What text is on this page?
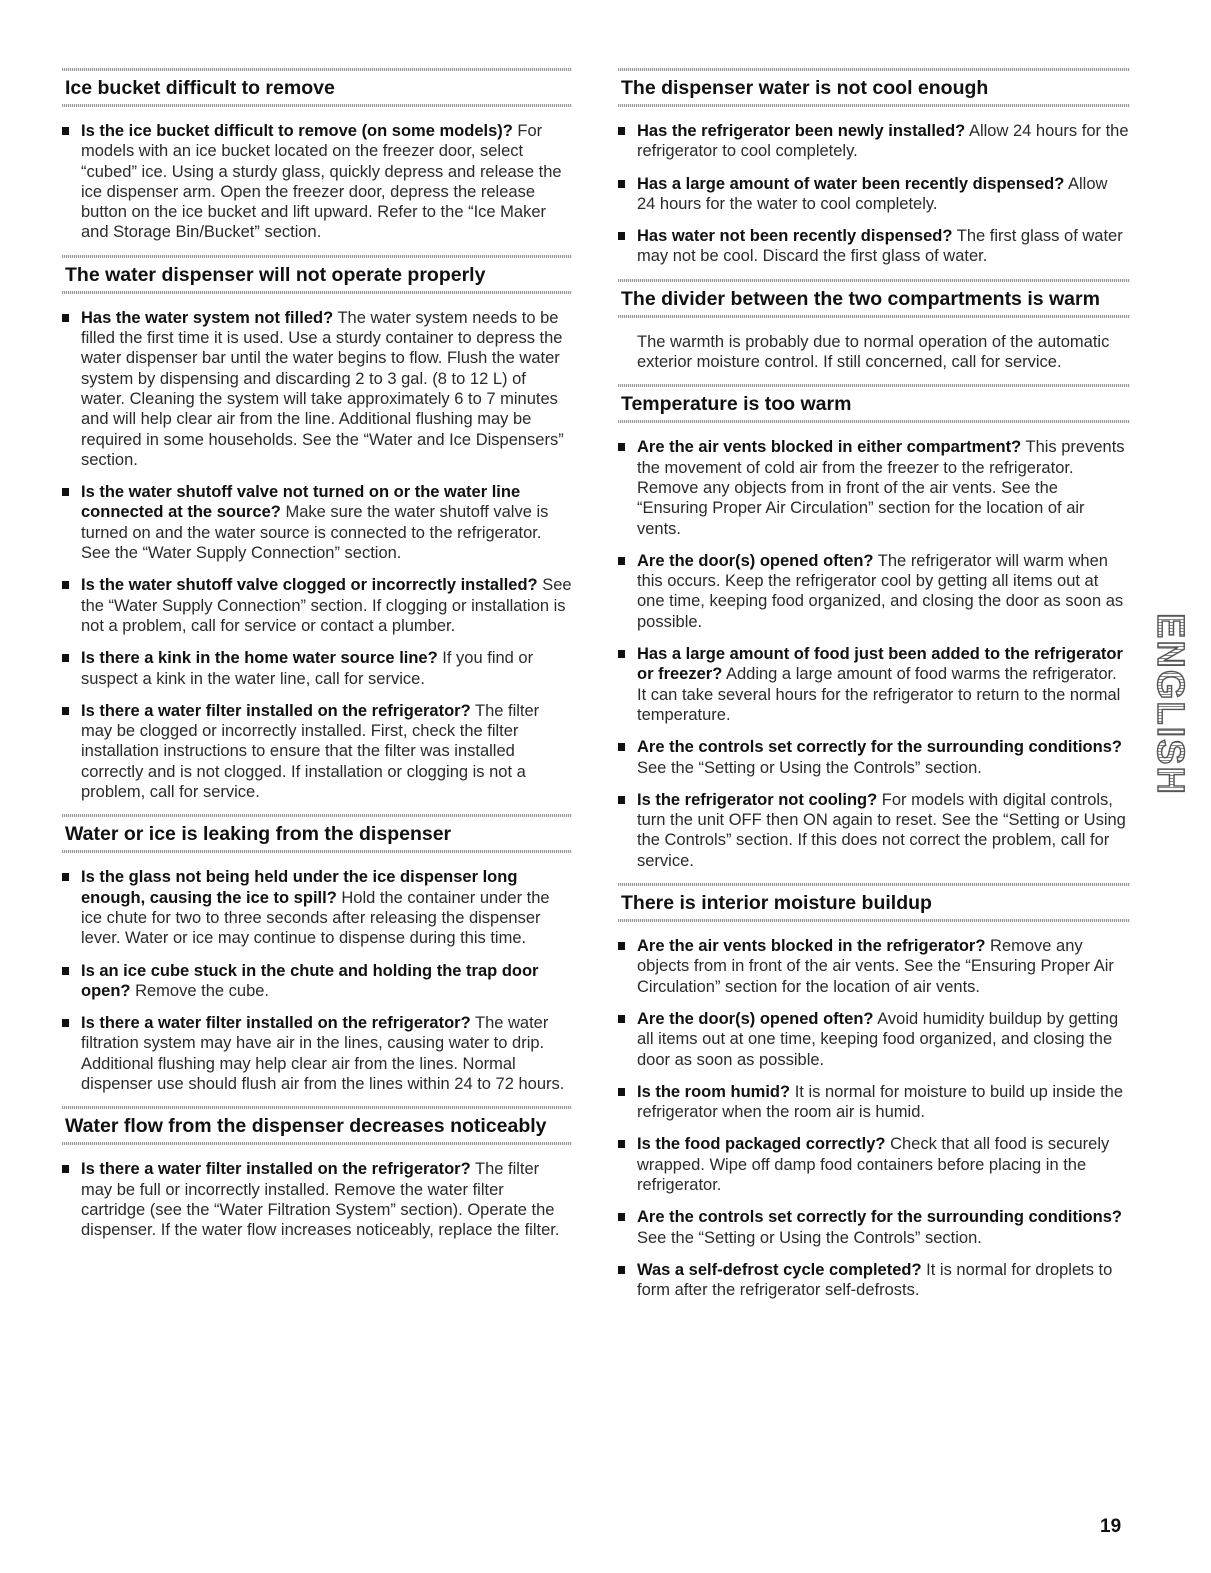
Ice bucket difficult to remove
Is the ice bucket difficult to remove (on some models)? For models with an ice bucket located on the freezer door, select “cubed” ice. Using a sturdy glass, quickly depress and release the ice dispenser arm. Open the freezer door, depress the release button on the ice bucket and lift upward. Refer to the “Ice Maker and Storage Bin/Bucket” section.
The water dispenser will not operate properly
Has the water system not filled? The water system needs to be filled the first time it is used. Use a sturdy container to depress the water dispenser bar until the water begins to flow. Flush the water system by dispensing and discarding 2 to 3 gal. (8 to 12 L) of water. Cleaning the system will take approximately 6 to 7 minutes and will help clear air from the line. Additional flushing may be required in some households. See the “Water and Ice Dispensers” section.
Is the water shutoff valve not turned on or the water line connected at the source? Make sure the water shutoff valve is turned on and the water source is connected to the refrigerator. See the “Water Supply Connection” section.
Is the water shutoff valve clogged or incorrectly installed? See the “Water Supply Connection” section. If clogging or installation is not a problem, call for service or contact a plumber.
Is there a kink in the home water source line? If you find or suspect a kink in the water line, call for service.
Is there a water filter installed on the refrigerator? The filter may be clogged or incorrectly installed. First, check the filter installation instructions to ensure that the filter was installed correctly and is not clogged. If installation or clogging is not a problem, call for service.
Water or ice is leaking from the dispenser
Is the glass not being held under the ice dispenser long enough, causing the ice to spill? Hold the container under the ice chute for two to three seconds after releasing the dispenser lever. Water or ice may continue to dispense during this time.
Is an ice cube stuck in the chute and holding the trap door open? Remove the cube.
Is there a water filter installed on the refrigerator? The water filtration system may have air in the lines, causing water to drip. Additional flushing may help clear air from the lines. Normal dispenser use should flush air from the lines within 24 to 72 hours.
Water flow from the dispenser decreases noticeably
Is there a water filter installed on the refrigerator? The filter may be full or incorrectly installed. Remove the water filter cartridge (see the “Water Filtration System” section). Operate the dispenser. If the water flow increases noticeably, replace the filter.
The dispenser water is not cool enough
Has the refrigerator been newly installed? Allow 24 hours for the refrigerator to cool completely.
Has a large amount of water been recently dispensed? Allow 24 hours for the water to cool completely.
Has water not been recently dispensed? The first glass of water may not be cool. Discard the first glass of water.
The divider between the two compartments is warm
The warmth is probably due to normal operation of the automatic exterior moisture control. If still concerned, call for service.
Temperature is too warm
Are the air vents blocked in either compartment? This prevents the movement of cold air from the freezer to the refrigerator. Remove any objects from in front of the air vents. See the “Ensuring Proper Air Circulation” section for the location of air vents.
Are the door(s) opened often? The refrigerator will warm when this occurs. Keep the refrigerator cool by getting all items out at one time, keeping food organized, and closing the door as soon as possible.
Has a large amount of food just been added to the refrigerator or freezer? Adding a large amount of food warms the refrigerator. It can take several hours for the refrigerator to return to the normal temperature.
Are the controls set correctly for the surrounding conditions? See the “Setting or Using the Controls” section.
Is the refrigerator not cooling? For models with digital controls, turn the unit OFF then ON again to reset. See the “Setting or Using the Controls” section. If this does not correct the problem, call for service.
There is interior moisture buildup
Are the air vents blocked in the refrigerator? Remove any objects from in front of the air vents. See the “Ensuring Proper Air Circulation” section for the location of air vents.
Are the door(s) opened often? Avoid humidity buildup by getting all items out at one time, keeping food organized, and closing the door as soon as possible.
Is the room humid? It is normal for moisture to build up inside the refrigerator when the room air is humid.
Is the food packaged correctly? Check that all food is securely wrapped. Wipe off damp food containers before placing in the refrigerator.
Are the controls set correctly for the surrounding conditions? See the “Setting or Using the Controls” section.
Was a self-defrost cycle completed? It is normal for droplets to form after the refrigerator self-defrosts.
ENGLISH
19
